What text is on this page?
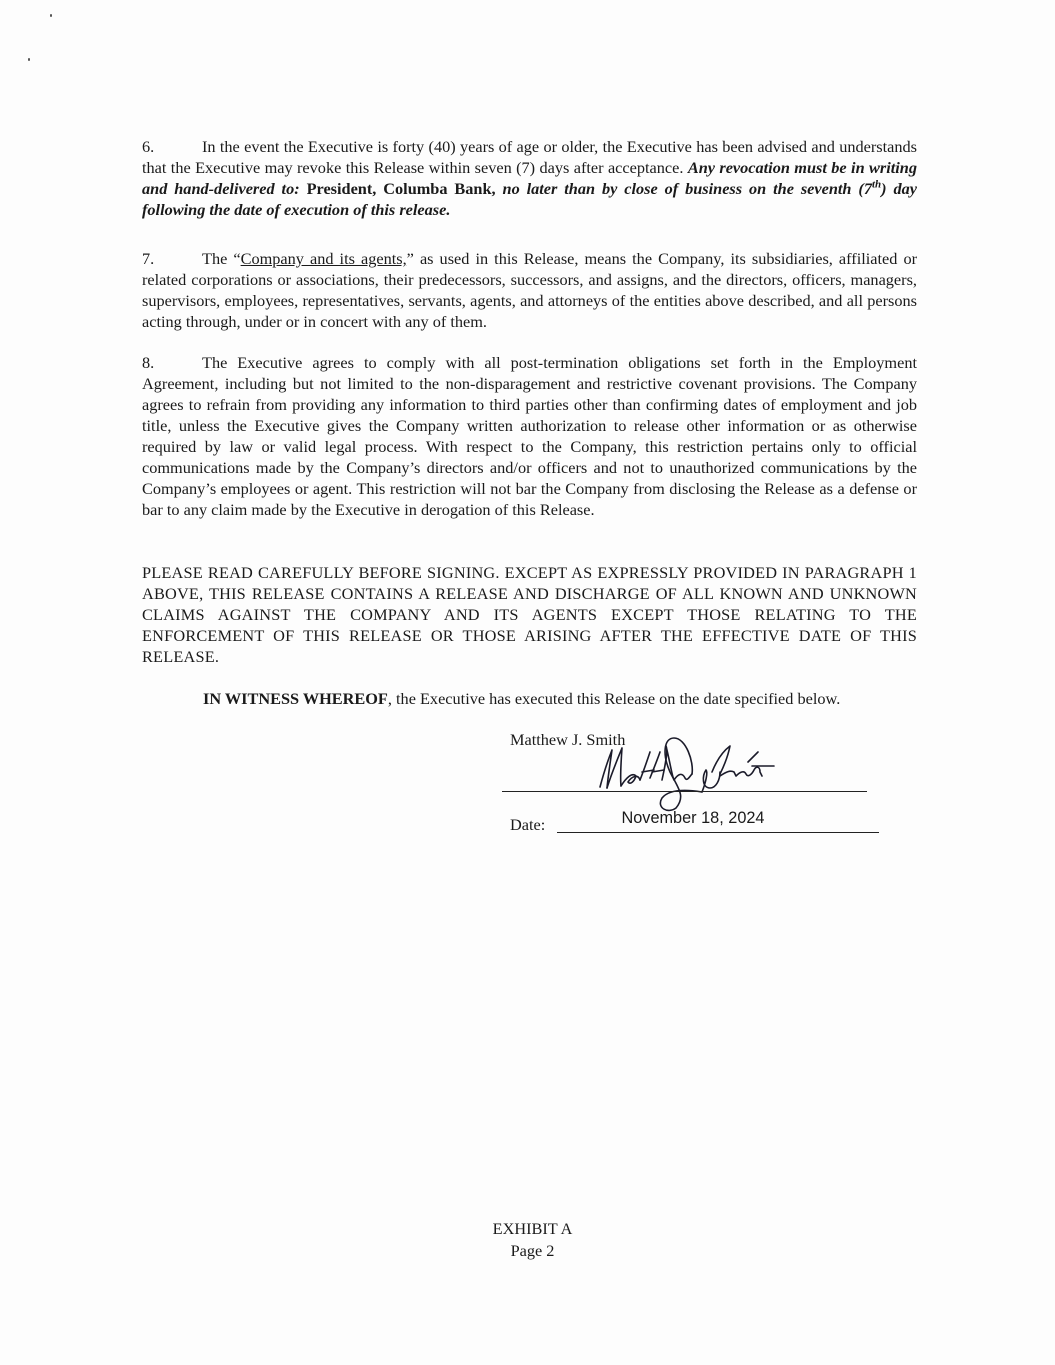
6.	In the event the Executive is forty (40) years of age or older, the Executive has been advised and understands that the Executive may revoke this Release within seven (7) days after acceptance. Any revocation must be in writing and hand-delivered to: President, Columba Bank, no later than by close of business on the seventh (7th) day following the date of execution of this release.

7.	The “Company and its agents,” as used in this Release, means the Company, its subsidiaries, affiliated or related corporations or associations, their predecessors, successors, and assigns, and the directors, officers, managers, supervisors, employees, representatives, servants, agents, and attorneys of the entities above described, and all persons acting through, under or in concert with any of them.

8.	The Executive agrees to comply with all post-termination obligations set forth in the Employment Agreement, including but not limited to the non-disparagement and restrictive covenant provisions. The Company agrees to refrain from providing any information to third parties other than confirming dates of employment and job title, unless the Executive gives the Company written authorization to release other information or as otherwise required by law or valid legal process. With respect to the Company, this restriction pertains only to official communications made by the Company’s directors and/or officers and not to unauthorized communications by the Company’s employees or agent. This restriction will not bar the Company from disclosing the Release as a defense or bar to any claim made by the Executive in derogation of this Release.

PLEASE READ CAREFULLY BEFORE SIGNING. EXCEPT AS EXPRESSLY PROVIDED IN PARAGRAPH 1 ABOVE, THIS RELEASE CONTAINS A RELEASE AND DISCHARGE OF ALL KNOWN AND UNKNOWN CLAIMS AGAINST THE COMPANY AND ITS AGENTS EXCEPT THOSE RELATING TO THE ENFORCEMENT OF THIS RELEASE OR THOSE ARISING AFTER THE EFFECTIVE DATE OF THIS RELEASE.

IN WITNESS WHEREOF, the Executive has executed this Release on the date specified below.

Matthew J. Smith
Date:	November 18, 2024
EXHIBIT A
Page 2
